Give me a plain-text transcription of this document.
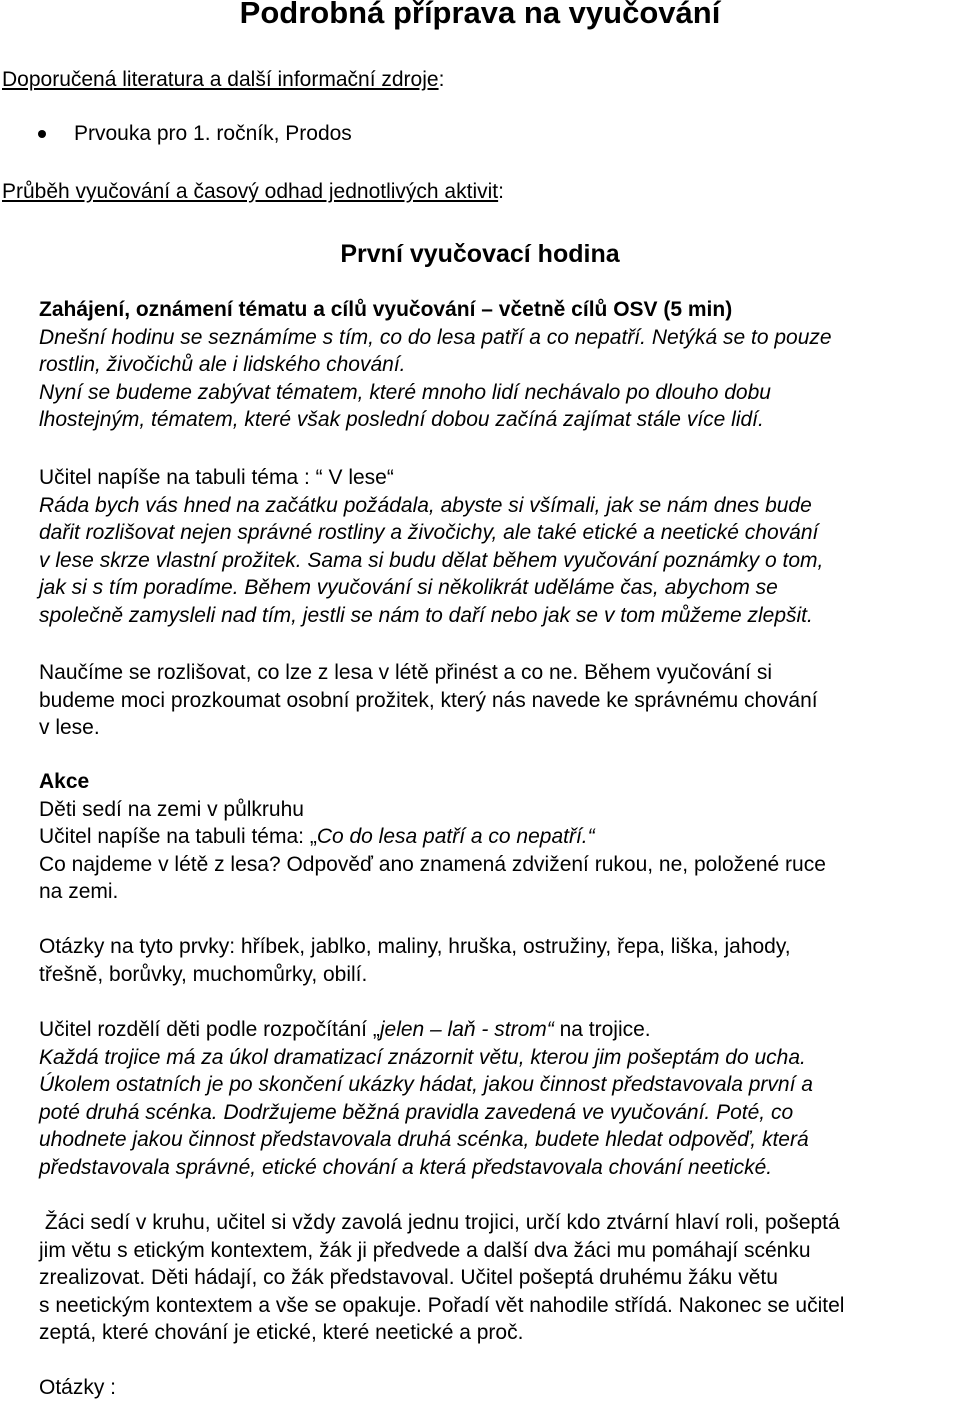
Podrobná příprava na vyučování
Doporučená literatura a další informační zdroje:
Prvouka pro 1. ročník, Prodos
Průběh vyučování a časový odhad jednotlivých aktivit:
První vyučovací hodina

Zahájení, oznámení tématu a cílů vyučování – včetně cílů OSV (5 min)

Dnešní hodinu se seznámíme s tím, co do lesa patří a co nepatří. Netýká se to pouze

rostlin, živočichů ale i lidského chování.

Nyní se budeme zabývat tématem, které mnoho lidí nechávalo po dlouho dobu

lhostejným, tématem, které však poslední dobou začíná zajímat stále více lidí.

Učitel napíše na tabuli téma : “ V lese“

Ráda bych vás hned na začátku požádala, abyste si všímali, jak se nám dnes bude

dařit rozlišovat nejen správné rostliny a živočichy, ale také etické a neetické chování

v lese skrze vlastní prožitek. Sama si budu dělat během vyučování poznámky o tom,

jak si s tím poradíme. Během vyučování si několikrát uděláme čas, abychom se

společně zamysleli nad tím, jestli se nám to daří nebo jak se v tom můžeme zlepšit.

Naučíme se rozlišovat, co lze z lesa v létě přinést a co ne. Během vyučování si

budeme moci prozkoumat osobní prožitek, který nás navede ke správnému chování

v lese.

Akce

Děti sedí na zemi v půlkruhu

Učitel napíše na tabuli téma: „Co do lesa patří a co nepatří.“

Co najdeme v létě z lesa? Odpověď ano znamená zdvižení rukou, ne, položené ruce

na zemi.

Otázky na tyto prvky: hříbek, jablko, maliny, hruška, ostružiny, řepa, liška, jahody,

třešně, borůvky, muchomůrky, obilí.

Učitel rozdělí děti podle rozpočítání „jelen – laň - strom“ na trojice.

Každá trojice má za úkol dramatizací znázornit větu, kterou jim pošeptám do ucha.

Úkolem ostatních je po skončení ukázky hádat, jakou činnost představovala první a

poté druhá scénka. Dodržujeme běžná pravidla zavedená ve vyučování. Poté, co

uhodnete jakou činnost představovala druhá scénka, budete hledat odpověď, která

představovala správné, etické chování a která představovala chování neetické.

Žáci sedí v kruhu, učitel si vždy zavolá jednu trojici, určí kdo ztvární hlaví roli, pošeptá

jim větu s etickým kontextem, žák ji předvede a další dva žáci mu pomáhají scénku

zrealizovat. Děti hádají, co žák představoval. Učitel pošeptá druhému žáku větu

s neetickým kontextem a vše se opakuje. Pořadí vět nahodile střídá. Nakonec se učitel

zeptá, které chování je etické, které neetické a proč.

Otázky :
